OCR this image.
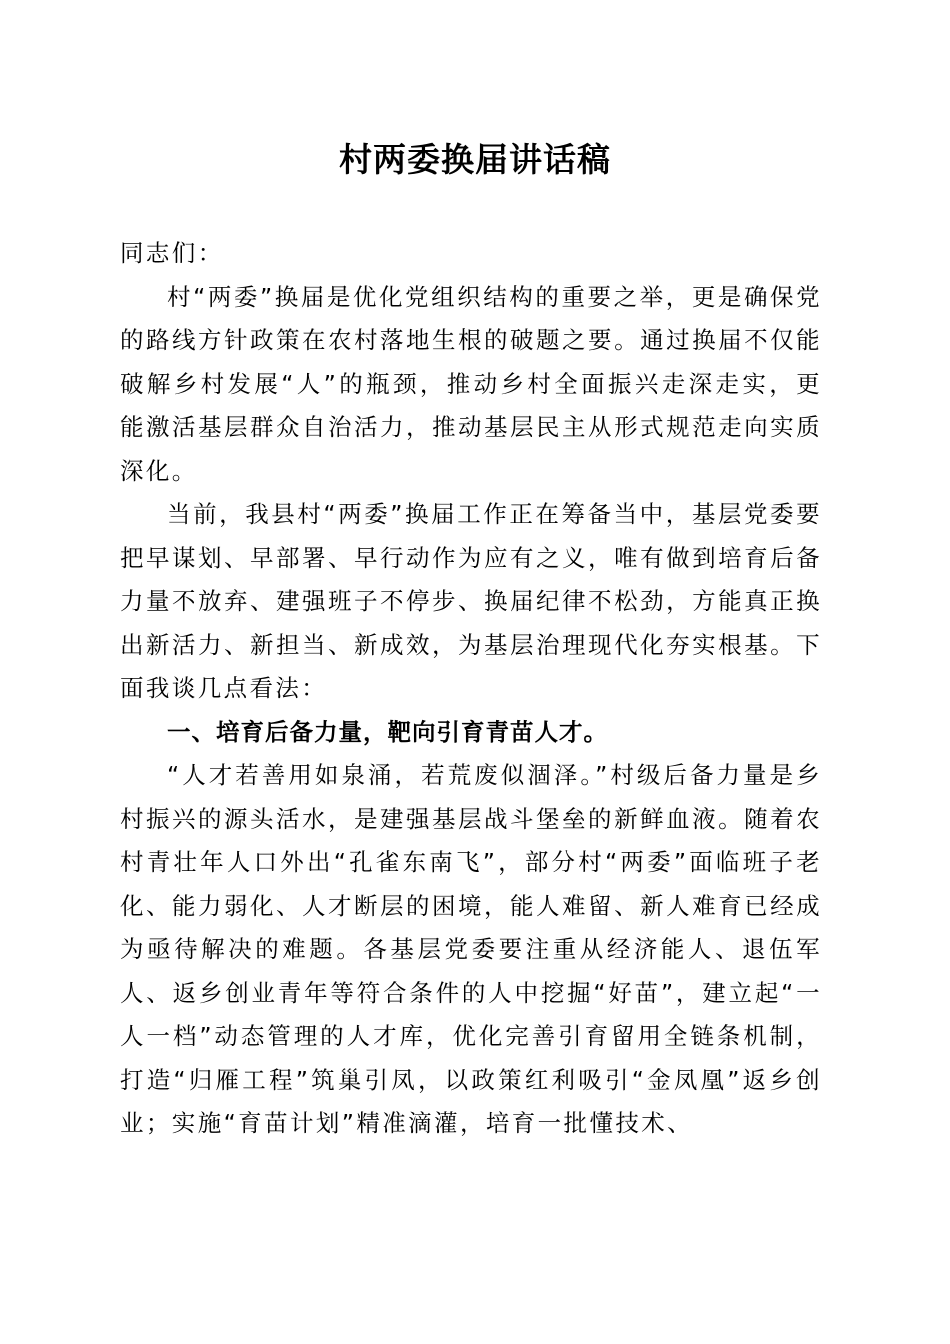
村两委换届讲话稿

同志们：

村“两委”换届是优化党组织结构的重要之举，更是确保党的路线方针政策在农村落地生根的破题之要。通过换届不仅能破解乡村发展“人”的瓶颈，推动乡村全面振兴走深走实，更能激活基层群众自治活力，推动基层民主从形式规范走向实质深化。

当前，我县村“两委”换届工作正在筹备当中，基层党委要把早谋划、早部署、早行动作为应有之义，唯有做到培育后备力量不放弃、建强班子不停步、换届纪律不松劲，方能真正换出新活力、新担当、新成效，为基层治理现代化夯实根基。下面我谈几点看法：

一、培育后备力量，靶向引育青苗人才。

“人才若善用如泉涌，若荒废似涸泽。”村级后备力量是乡村振兴的源头活水，是建强基层战斗堡垒的新鲜血液。随着农村青壮年人口外出“孔雀东南飞”，部分村“两委”面临班子老化、能力弱化、人才断层的困境，能人难留、新人难育已经成为亟待解决的难题。各基层党委要注重从经济能人、退伍军人、返乡创业青年等符合条件的人中挖掘“好苗”，建立起“一人一档”动态管理的人才库，优化完善引育留用全链条机制，打造“归雁工程”筑巢引凤，以政策红利吸引“金凤凰”返乡创业；实施“育苗计划”精准滴灌，培育一批懂技术、
